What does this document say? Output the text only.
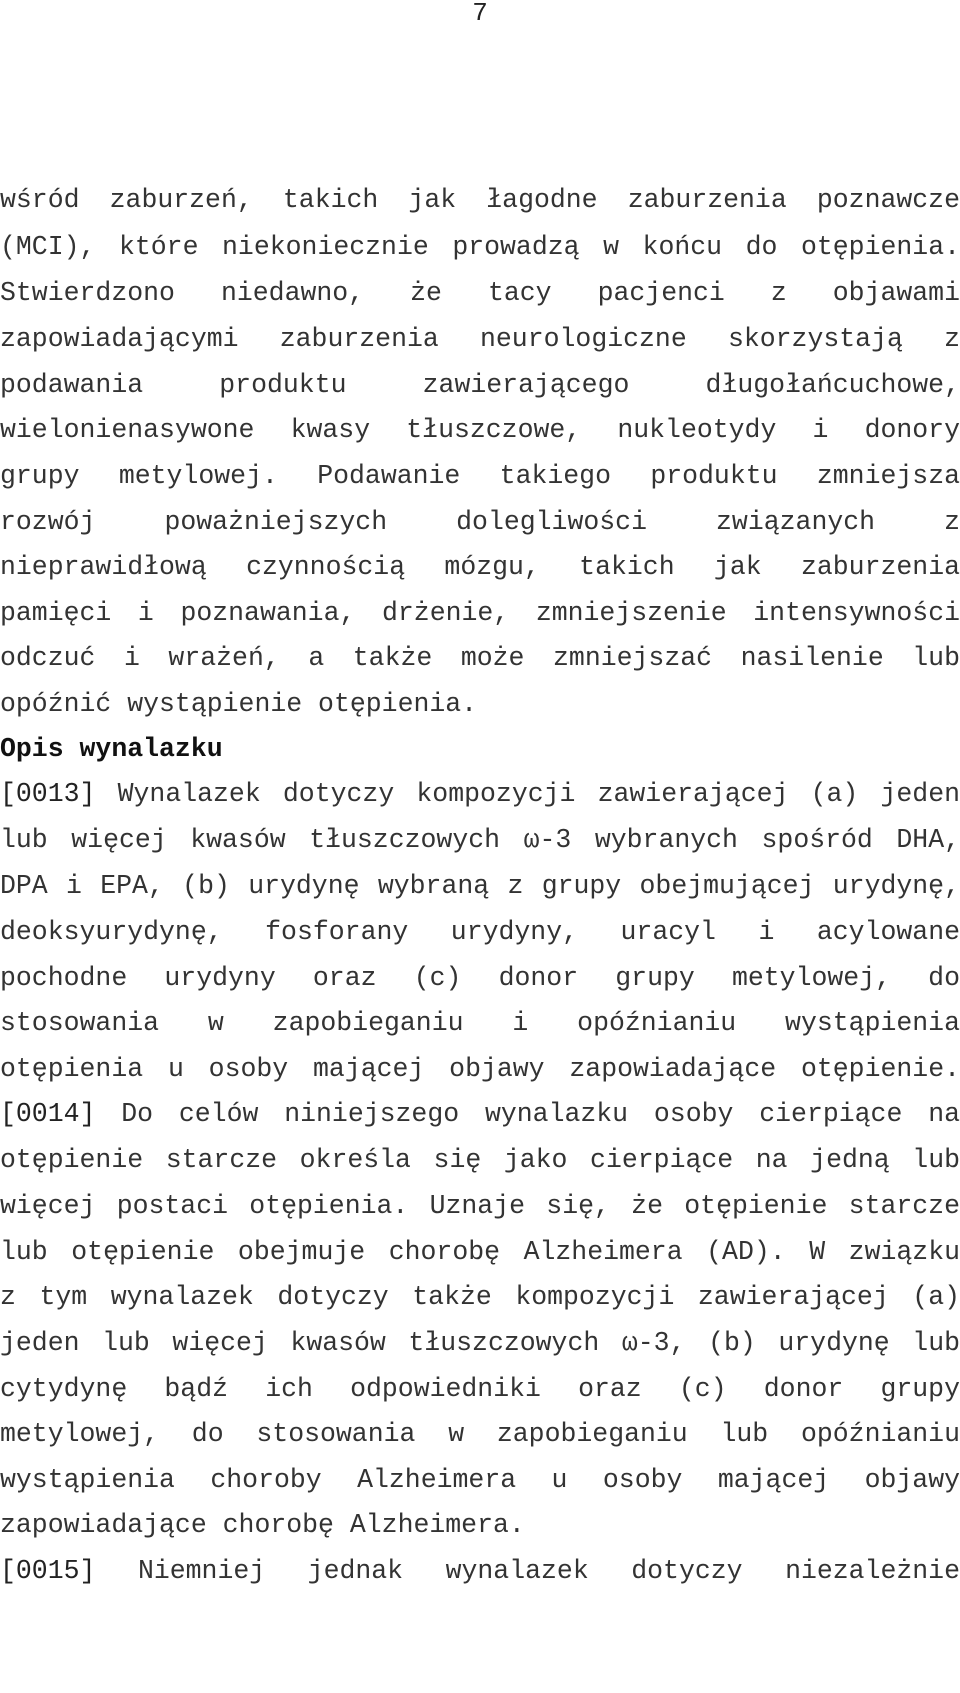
7
wśród zaburzeń, takich jak łagodne zaburzenia poznawcze
(MCI), które niekoniecznie prowadzą w końcu do otępienia.
Stwierdzono niedawno, że tacy pacjenci z objawami
zapowiadającymi zaburzenia neurologiczne skorzystają z
podawania produktu zawierającego długołańcuchowe,
wielonienasywone kwasy tłuszczowe, nukleotydy i donory
grupy metylowej. Podawanie takiego produktu zmniejsza
rozwój poważniejszych dolegliwości związanych z
nieprawidłową czynnością mózgu, takich jak zaburzenia
pamięci i poznawania, drżenie, zmniejszenie intensywności
odczuć i wrażeń, a także może zmniejszać nasilenie lub
opóźnić wystąpienie otępienia.
Opis wynalazku
[0013] Wynalazek dotyczy kompozycji zawierającej (a) jeden
lub więcej kwasów tłuszczowych ω-3 wybranych spośród DHA,
DPA i EPA, (b) urydynę wybraną z grupy obejmującej urydynę,
deoksyurydynę, fosforany urydyny, uracyl i acylowane
pochodne urydyny oraz (c) donor grupy metylowej, do
stosowania w zapobieganiu i opóźnianiu wystąpienia
otępienia u osoby mającej objawy zapowiadające otępienie.
[0014] Do celów niniejszego wynalazku osoby cierpiące na
otępienie starcze określa się jako cierpiące na jedną lub
więcej postaci otępienia. Uznaje się, że otępienie starcze
lub otępienie obejmuje chorobę Alzheimera (AD). W związku
z tym wynalazek dotyczy także kompozycji zawierającej (a)
jeden lub więcej kwasów tłuszczowych ω-3, (b) urydynę lub
cytydynę bądź ich odpowiedniki oraz (c) donor grupy
metylowej, do stosowania w zapobieganiu lub opóźnianiu
wystąpienia choroby Alzheimera u osoby mającej objawy
zapowiadające chorobę Alzheimera.
[0015] Niemniej jednak wynalazek dotyczy niezależnie
